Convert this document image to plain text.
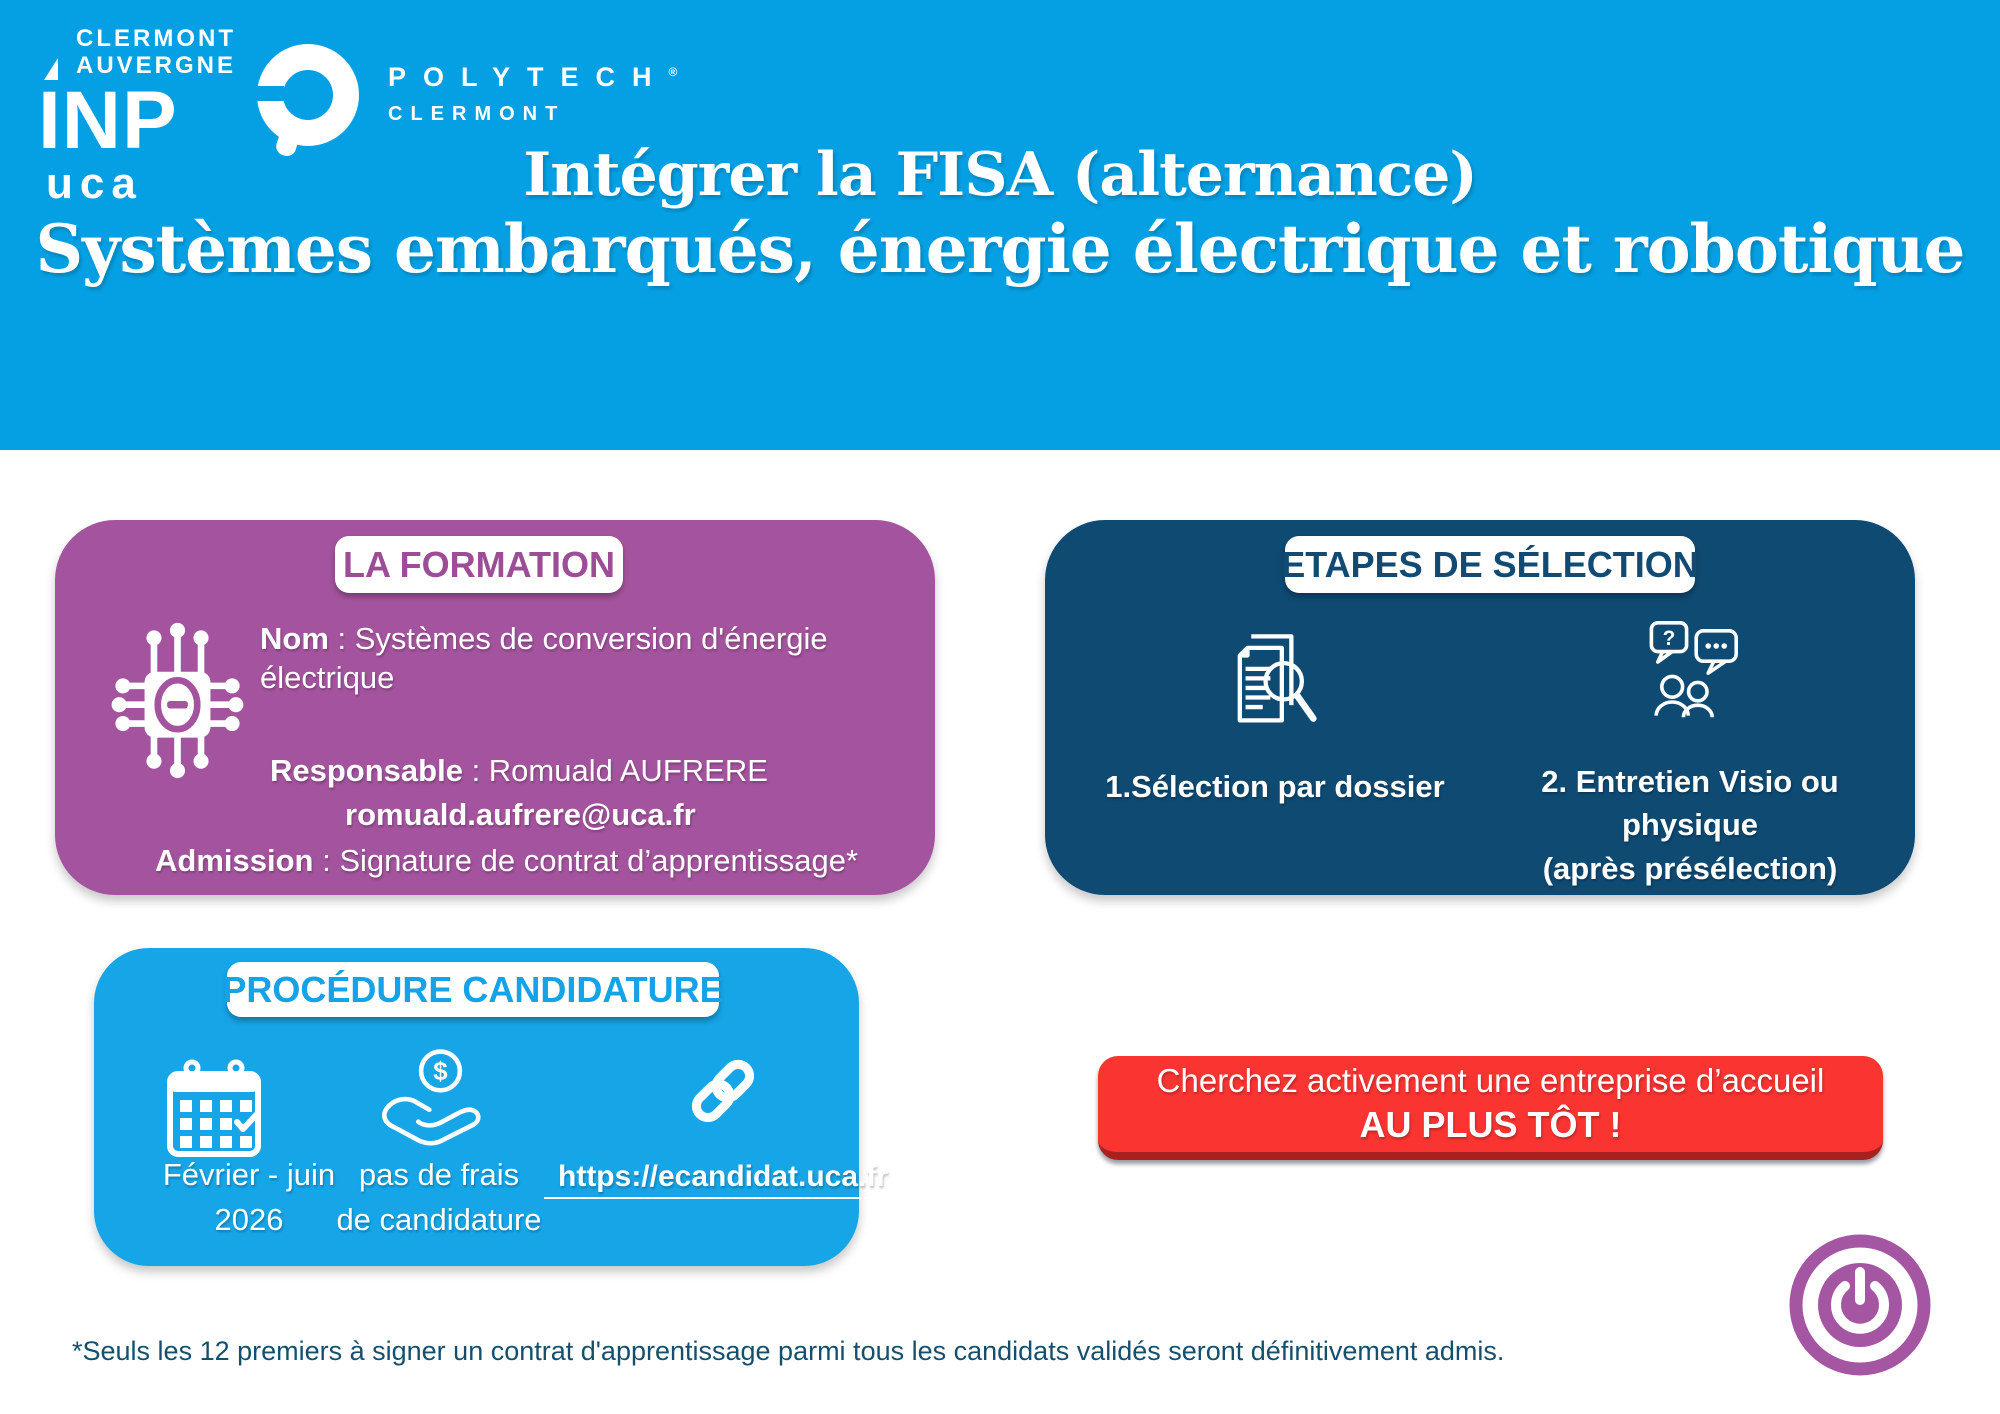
CLERMONT
AUVERGNE
INP
uca
POLYTECH®
CLERMONT
Intégrer la FISA (alternance)
Systèmes embarqués, énergie électrique et robotique
LA FORMATION
Nom : Systèmes de conversion d'énergie électrique
Responsable : Romuald AUFRERE
romuald.aufrere@uca.fr
Admission : Signature de contrat d’apprentissage*
ETAPES DE SÉLECTION
?
1.Sélection par dossier	2. Entretien Visio ou physique
(après présélection)
PROCÉDURE CANDIDATURE
$
Février - juin
2026
pas de frais
de candidature
https://ecandidat.uca.fr
Cherchez activement une entreprise d’accueil
AU PLUS TÔT !
*Seuls les 12 premiers à signer un contrat d'apprentissage parmi tous les candidats validés seront définitivement admis.
